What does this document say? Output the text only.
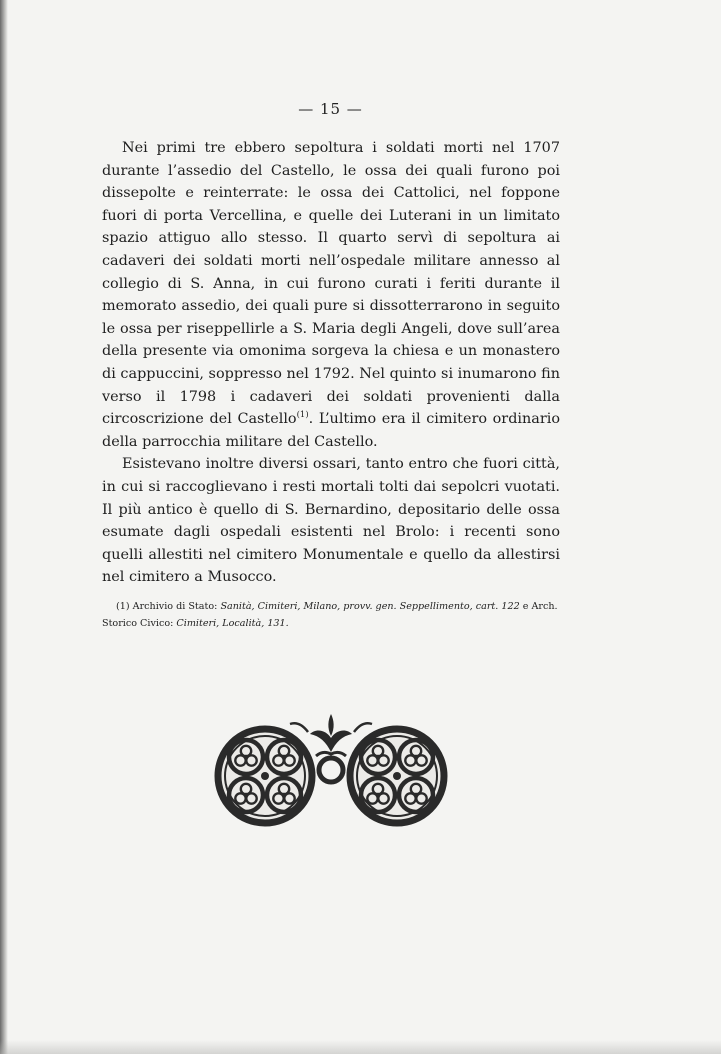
— 15 —

Nei primi tre ebbero sepoltura i soldati morti nel 1707 durante l’assedio del Castello, le ossa dei quali furono poi dissepolte e reinterrate: le ossa dei Cattolici, nel foppone fuori di porta Vercellina, e quelle dei Luterani in un limitato spazio attiguo allo stesso. Il quarto servì di sepoltura ai cadaveri dei soldati morti nell’ospedale militare annesso al collegio di S. Anna, in cui furono curati i feriti durante il memorato assedio, dei quali pure si dissotterrarono in seguito le ossa per riseppellirle a S. Maria degli Angeli, dove sull’area della presente via omonima sorgeva la chiesa e un monastero di cappuccini, soppresso nel 1792. Nel quinto si inumarono fin verso il 1798 i cadaveri dei soldati provenienti dalla circoscrizione del Castello$^{(1)}$. L’ultimo era il cimitero ordinario della parrocchia militare del Castello.

Esistevano inoltre diversi ossari, tanto entro che fuori città, in cui si raccoglievano i resti mortali tolti dai sepolcri vuotati. Il più antico è quello di S. Bernardino, depositario delle ossa esumate dagli ospedali esistenti nel Brolo: i recenti sono quelli allestiti nel cimitero Monumentale e quello da allestirsi nel cimitero a Musocco.

(1) Archivio di Stato: Sanità, Cimiteri, Milano, provv. gen. Seppellimento, cart. 122 e Arch. Storico Civico: Cimiteri, Località, 131.
